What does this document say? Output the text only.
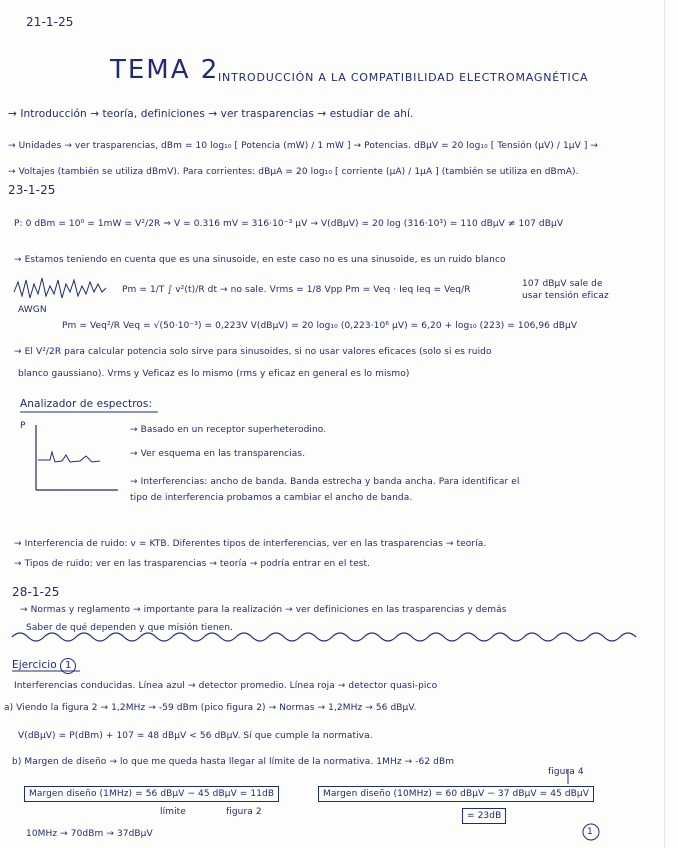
21-1-25
TEMA 2
INTRODUCCIÓN A LA COMPATIBILIDAD ELECTROMAGNÉTICA
→ Introducción → teoría, definiciones → ver trasparencias → estudiar de ahí.
→ Unidades → ver trasparencias, dBm = 10 log₁₀ [ Potencia (mW) / 1 mW ] → Potencias. dBμV = 20 log₁₀ [ Tensión (μV) / 1μV ] →
→ Voltajes (también se utiliza dBmV). Para corrientes: dBμA = 20 log₁₀ [ corriente (μA) / 1μA ] (también se utiliza en dBmA).
23-1-25
P: 0 dBm = 10⁰ = 1mW = V²/2R ⇒ V = 0.316 mV = 316·10⁻³ μV → V(dBμV) = 20 log (316·10³) = 110 dBμV ≠ 107 dBμV
→ Estamos teniendo en cuenta que es una sinusoide, en este caso no es una sinusoide, es un ruido blanco
Pm = 1/T ∫ v²(t)/R dt → no sale. Vrms = 1/8 Vpp Pm = Veq · Ieq Ieq = Veq/R
107 dBμV sale de usar tensión eficaz
AWGN
Pm = Veq²/R Veq = √(50·10⁻³) = 0,223V V(dBμV) = 20 log₁₀ (0,223·10⁶ μV) = 6,20 + log₁₀ (223) = 106,96 dBμV
→ El V²/2R para calcular potencia solo sirve para sinusoides, si no usar valores eficaces (solo si es ruido
blanco gaussiano). Vrms y Veficaz es lo mismo (rms y eficaz en general es lo mismo)
Analizador de espectros:
P	→ Basado en un receptor superheterodino.
→ Ver esquema en las transparencias.
→ Interferencias: ancho de banda. Banda estrecha y banda ancha. Para identificar el
tipo de interferencia probamos a cambiar el ancho de banda.
→ Interferencia de ruido: v = KTB. Diferentes tipos de interferencias, ver en las trasparencias → teoría.
→ Tipos de ruido: ver en las trasparencias → teoría → podría entrar en el test.
28-1-25
→ Normas y reglamento → importante para la realización → ver definiciones en las trasparencias y demás
Saber de qué dependen y que misión tienen.
Ejercicio 1
Interferencias conducidas. Línea azul → detector promedio. Línea roja → detector quasi-pico
a) Viendo la figura 2 → 1,2MHz → -59 dBm (pico figura 2) → Normas → 1,2MHz → 56 dBμV.
V(dBμV) = P(dBm) + 107 = 48 dBμV < 56 dBμV. Sí que cumple la normativa.
b) Margen de diseño → lo que me queda hasta llegar al límite de la normativa. 1MHz → -62 dBm
figura 4
Margen diseño (1MHz) = 56 dBμV − 45 dBμV = 11dB
límite	figura 2
Margen diseño (10MHz) = 60 dBμV − 37 dBμV = 45 dBμV
= 23dB
10MHz → 70dBm → 37dBμV	1
